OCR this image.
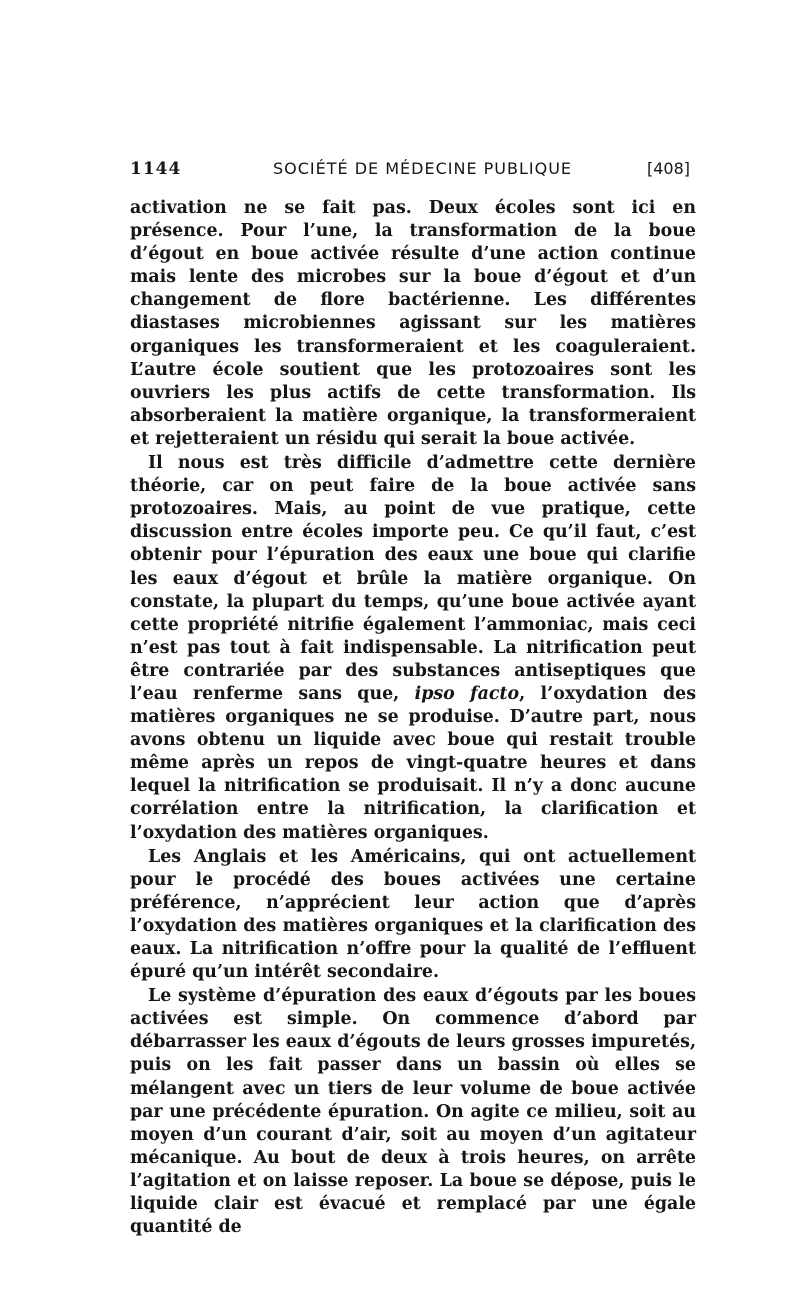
1144	SOCIÉTÉ DE MÉDECINE PUBLIQUE	[408]

activation ne se fait pas. Deux écoles sont ici en présence. Pour l’une, la transformation de la boue d’égout en boue activée résulte d’une action continue mais lente des microbes sur la boue d’égout et d’un changement de flore bactérienne. Les différentes diastases microbiennes agissant sur les matières organiques les transformeraient et les coaguleraient. L’autre école soutient que les protozoaires sont les ouvriers les plus actifs de cette transformation. Ils absorberaient la matière organique, la transformeraient et rejetteraient un résidu qui serait la boue activée.

Il nous est très difficile d’admettre cette dernière théorie, car on peut faire de la boue activée sans protozoaires. Mais, au point de vue pratique, cette discussion entre écoles importe peu. Ce qu’il faut, c’est obtenir pour l’épuration des eaux une boue qui clarifie les eaux d’égout et brûle la matière organique. On constate, la plupart du temps, qu’une boue activée ayant cette propriété nitrifie également l’ammoniac, mais ceci n’est pas tout à fait indispensable. La nitrification peut être contrariée par des substances antiseptiques que l’eau renferme sans que, ipso facto, l’oxydation des matières organiques ne se produise. D’autre part, nous avons obtenu un liquide avec boue qui restait trouble même après un repos de vingt-quatre heures et dans lequel la nitrification se produisait. Il n’y a donc aucune corrélation entre la nitrification, la clarification et l’oxydation des matières organiques.

Les Anglais et les Américains, qui ont actuellement pour le procédé des boues activées une certaine préférence, n’apprécient leur action que d’après l’oxydation des matières organiques et la clarification des eaux. La nitrification n’offre pour la qualité de l’effluent épuré qu’un intérêt secondaire.

Le système d’épuration des eaux d’égouts par les boues activées est simple. On commence d’abord par débarrasser les eaux d’égouts de leurs grosses impuretés, puis on les fait passer dans un bassin où elles se mélangent avec un tiers de leur volume de boue activée par une précédente épuration. On agite ce milieu, soit au moyen d’un courant d’air, soit au moyen d’un agitateur mécanique. Au bout de deux à trois heures, on arrête l’agitation et on laisse reposer. La boue se dépose, puis le liquide clair est évacué et remplacé par une égale quantité de
